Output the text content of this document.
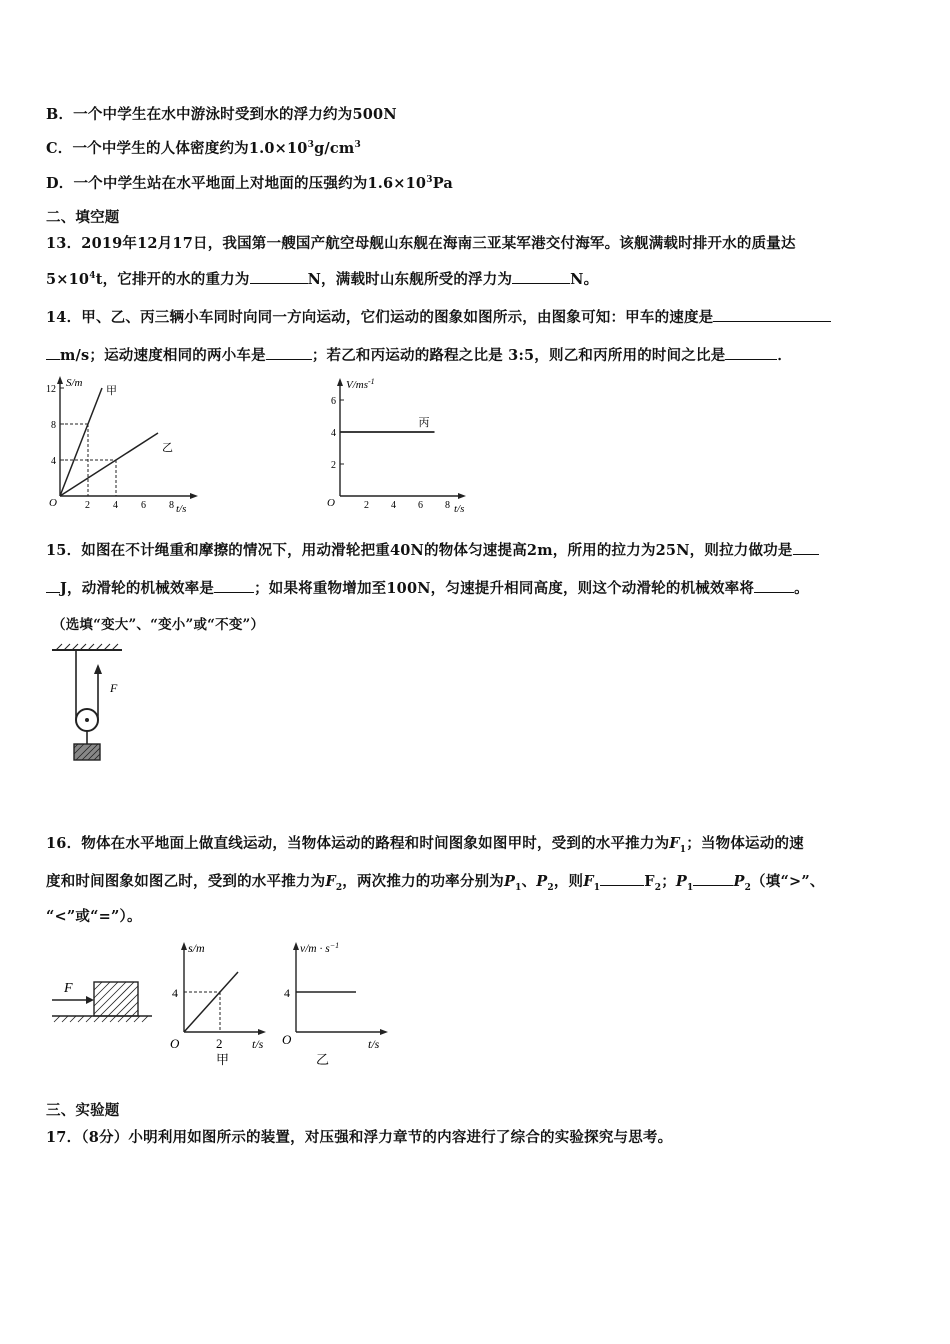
B．一个中学生在水中游泳时受到水的浮力约为500N
C．一个中学生的人体密度约为$1.0\times 10^3g/cm^3$
D．一个中学生站在水平地面上对地面的压强约为$1.6\times 10^3Pa$
二、填空题
13．2019年12月17日，我国第一艘国产航空母舰山东舰在海南三亚某军港交付海军。该舰满载时排开水的质量达
$5\times 10^4t$，它排开的水的重力为	N，满载时山东舰所受的浮力为	N。
14．甲、乙、丙三辆小车同时向同一方向运动，它们运动的图象如图所示，由图象可知：甲车的速度是
m/s；运动速度相同的两小车是	；若乙和丙运动的路程之比是 3:5，则乙和丙所用的时间之比是	．
S/m
t/s
O	2 4 6 8
4
8
12	甲
乙
$V/ms^{-1}$
t/s
O	2 4 6 8
2
4
6
丙
15．如图在不计绳重和摩擦的情况下，用动滑轮把重40N的物体匀速提高2m，所用的拉力为25N，则拉力做功是
J，动滑轮的机械效率是	；如果将重物增加至100N，匀速提升相同高度，则这个动滑轮的机械效率将	。
（选填“变大”、“变小”或“不变”）
F
16．物体在水平地面上做直线运动，当物体运动的路程和时间图象如图甲时，受到的水平推力为$F_1$；当物体运动的速
度和时间图象如图乙时，受到的水平推力为$F_2$，两次推力的功率分别为$P_1$、$P_2$，则$F_1$	$F_2$；$P_1$	$P_2$（填“>”、
“<”或“=”）。
F
s/m
t/s
O
甲
4
2
$v/m \cdot s^{-1}$
t/s
O
乙
4
三、实验题
17．（8分）小明利用如图所示的装置，对压强和浮力章节的内容进行了综合的实验探究与思考。
